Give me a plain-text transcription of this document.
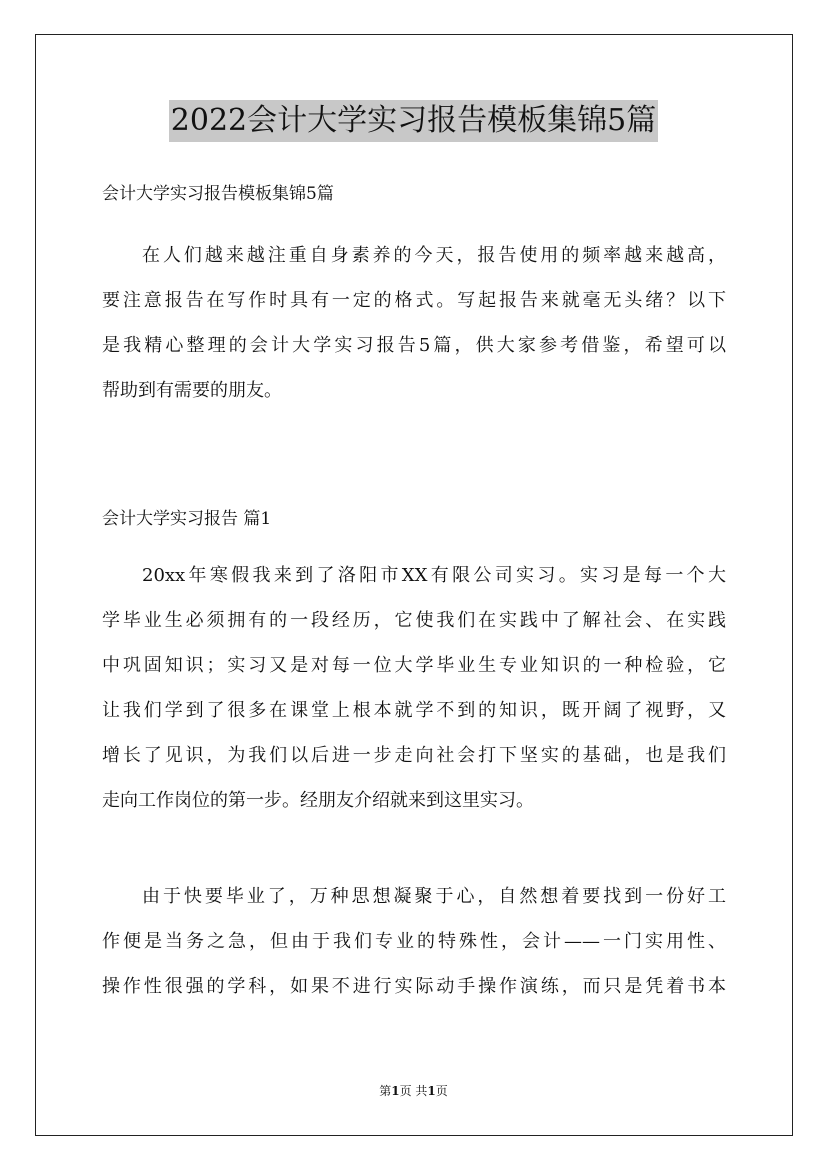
2022会计大学实习报告模板集锦5篇
会计大学实习报告模板集锦5篇

在人们越来越注重自身素养的今天，报告使用的频率越来越高，
要注意报告在写作时具有一定的格式。写起报告来就毫无头绪？以下
是我精心整理的会计大学实习报告5篇，供大家参考借鉴，希望可以
帮助到有需要的朋友。

会计大学实习报告 篇1

20xx年寒假我来到了洛阳市XX有限公司实习。实习是每一个大
学毕业生必须拥有的一段经历，它使我们在实践中了解社会、在实践
中巩固知识；实习又是对每一位大学毕业生专业知识的一种检验，它
让我们学到了很多在课堂上根本就学不到的知识，既开阔了视野，又
增长了见识，为我们以后进一步走向社会打下坚实的基础，也是我们
走向工作岗位的第一步。经朋友介绍就来到这里实习。

由于快要毕业了，万种思想凝聚于心，自然想着要找到一份好工
作便是当务之急，但由于我们专业的特殊性，会计——一门实用性、
操作性很强的学科，如果不进行实际动手操作演练，而只是凭着书本

第1页 共1页
